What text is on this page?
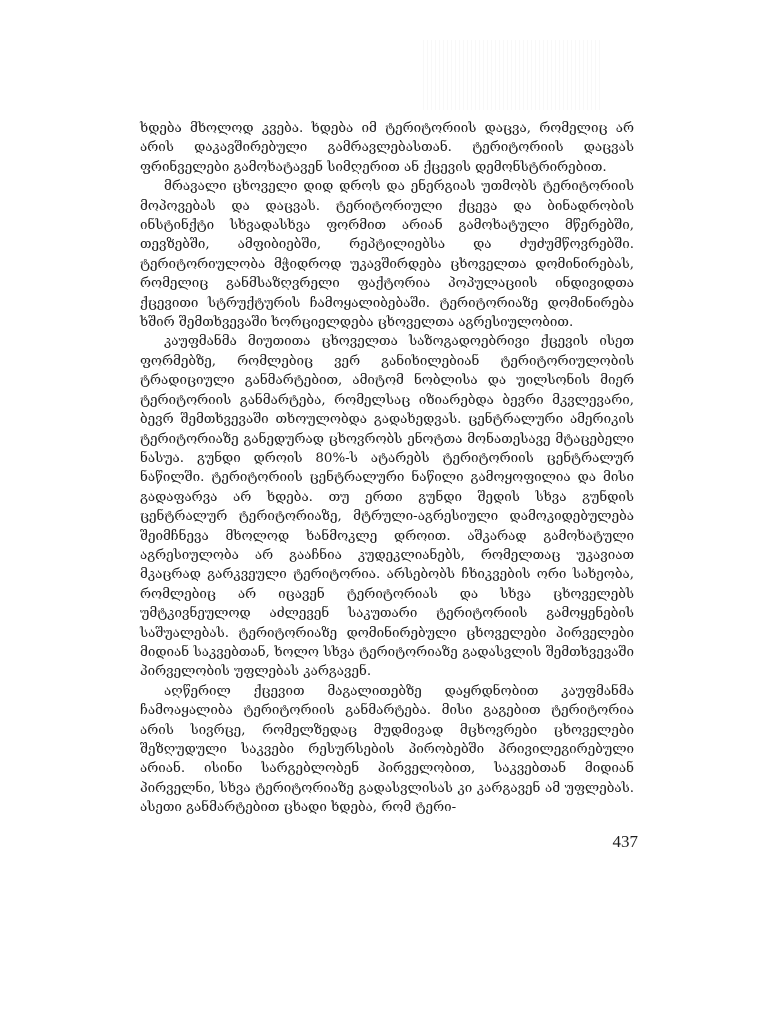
ხდება მხოლოდ კვება. ხდება იმ ტერიტორიის დაცვა, რომელიც არ არის დაკავშირებული გამრავლებასთან. ტერიტორიის დაცვას ფრინველები გამოხატავენ სიმღერით ან ქცევის დემონსტრირებით.

მრავალი ცხოველი დიდ დროს და ენერგიას უთმობს ტერიტორიის მოპოვებას და დაცვას. ტერიტორიული ქცევა და ბინადრობის ინსტინქტი სხვადასხვა ფორმით არიან გამოხატული მწერებში, თევზებში, ამფიბიებში, რეპტილიებსა და ძუძუმწოვრებში. ტერიტორიულობა მჭიდროდ უკავშირდება ცხოველთა დომინირებას, რომელიც განმსაზღვრელი ფაქტორია პოპულაციის ინდივიდთა ქცევითი სტრუქტურის ჩამოყალიბებაში. ტერიტორიაზე დომინირება ხშირ შემთხვევაში ხორციელდება ცხოველთა აგრესიულობით.

კაუფმანმა მიუთითა ცხოველთა საზოგადოებრივი ქცევის ისეთ ფორმებზე, რომლებიც ვერ განიხილებიან ტერიტორიულობის ტრადიციული განმარტებით, ამიტომ ნობლისა და უილსონის მიერ ტერიტორიის განმარტება, რომელსაც იზიარებდა ბევრი მკვლევარი, ბევრ შემთხვევაში თხოულობდა გადახედვას. ცენტრალური ამერიკის ტერიტორიაზე განედურად ცხოვრობს ენოტთა მონათესავე მტაცებელი ნასუა. გუნდი დროის 80%-ს ატარებს ტერიტორიის ცენტრალურ ნაწილში. ტერიტორიის ცენტრალური ნაწილი გამოყოფილია და მისი გადაფარვა არ ხდება. თუ ერთი გუნდი შედის სხვა გუნდის ცენტრალურ ტერიტორიაზე, მტრული-აგრესიული დამოკიდებულება შეიმჩნევა მხოლოდ ხანმოკლე დროით. აშკარად გამოხატული აგრესიულობა არ გააჩნია კუდეკლიანებს, რომელთაც უკავიათ მკაცრად გარკვეული ტერიტორია. არსებობს ჩხიკვების ორი სახეობა, რომლებიც არ იცავენ ტერიტორიას და სხვა ცხოველებს უმტკივნეულოდ აძლევენ საკუთარი ტერიტორიის გამოყენების საშუალებას. ტერიტორიაზე დომინირებული ცხოველები პირველები მიდიან საკვებთან, ხოლო სხვა ტერიტორიაზე გადასვლის შემთხვევაში პირველობის უფლებას კარგავენ.

აღწერილ ქცევით მაგალითებზე დაყრდნობით კაუფმანმა ჩამოაყალიბა ტერიტორიის განმარტება. მისი გაგებით ტერიტორია არის სივრცე, რომელზედაც მუდმივად მცხოვრები ცხოველები შეზღუდული საკვები რესურსების პირობებში პრივილეგირებული არიან. ისინი სარგებლობენ პირველობით, საკვებთან მიდიან პირველნი, სხვა ტერიტორიაზე გადასვლისას კი კარგავენ ამ უფლებას. ასეთი განმარტებით ცხადი ხდება, რომ ტერი-

437
